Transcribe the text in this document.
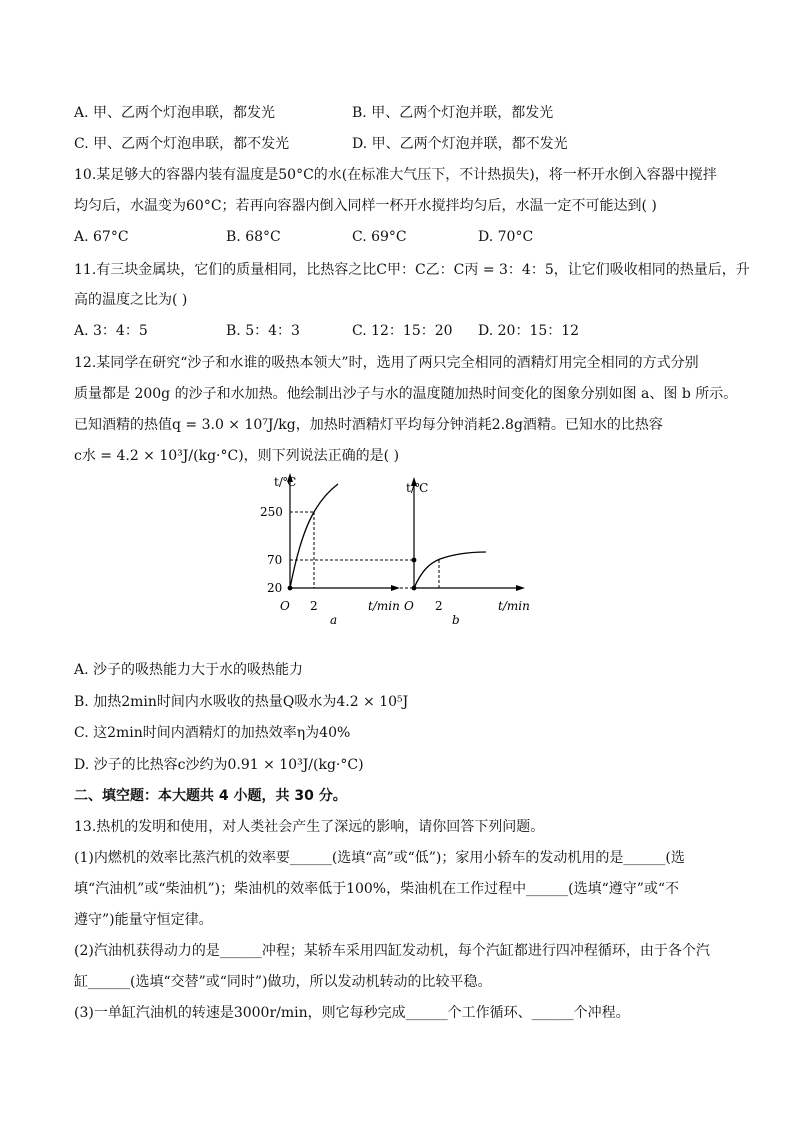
A. 甲、乙两个灯泡串联，都发光	B. 甲、乙两个灯泡并联，都发光
C. 甲、乙两个灯泡串联，都不发光	D. 甲、乙两个灯泡并联，都不发光
10.某足够大的容器内装有温度是50°C的水(在标准大气压下，不计热损失)，将一杯开水倒入容器中搅拌
均匀后，水温变为60°C；若再向容器内倒入同样一杯开水搅拌均匀后，水温一定不可能达到( )
A. 67°C	B. 68°C	C. 69°C	D. 70°C
11.有三块金属块，它们的质量相同，比热容之比C甲：C乙：C丙 = 3：4：5，让它们吸收相同的热量后，升
高的温度之比为( )
A. 3：4：5	B. 5：4：3	C. 12：15：20 D. 20：15：12
12.某同学在研究“沙子和水谁的吸热本领大”时，选用了两只完全相同的酒精灯用完全相同的方式分别
质量都是 200g 的沙子和水加热。他绘制出沙子与水的温度随加热时间变化的图象分别如图 a、图 b 所示。
已知酒精的热值q = 3.0 × 10⁷J/kg，加热时酒精灯平均每分钟消耗2.8g酒精。已知水的比热容
c水 = 4.2 × 10³J/(kg·°C)，则下列说法正确的是( )
t/℃
250
70
20
O 2	t/min
a
t/℃
O 2	t/min
b
A. 沙子的吸热能力大于水的吸热能力
B. 加热2min时间内水吸收的热量Q吸水为4.2 × 10⁵J
C. 这2min时间内酒精灯的加热效率η为40%
D. 沙子的比热容c沙约为0.91 × 10³J/(kg·°C)
二、填空题：本大题共 4 小题，共 30 分。
13.热机的发明和使用，对人类社会产生了深远的影响，请你回答下列问题。
(1)内燃机的效率比蒸汽机的效率要______(选填“高”或“低”)；家用小轿车的发动机用的是______(选
填“汽油机”或“柴油机”)；柴油机的效率低于100%，柴油机在工作过程中______(选填“遵守”或“不
遵守”)能量守恒定律。
(2)汽油机获得动力的是______冲程；某轿车采用四缸发动机，每个汽缸都进行四冲程循环，由于各个汽
缸______(选填“交替”或“同时”)做功，所以发动机转动的比较平稳。
(3)一单缸汽油机的转速是3000r/min，则它每秒完成______个工作循环、______个冲程。
